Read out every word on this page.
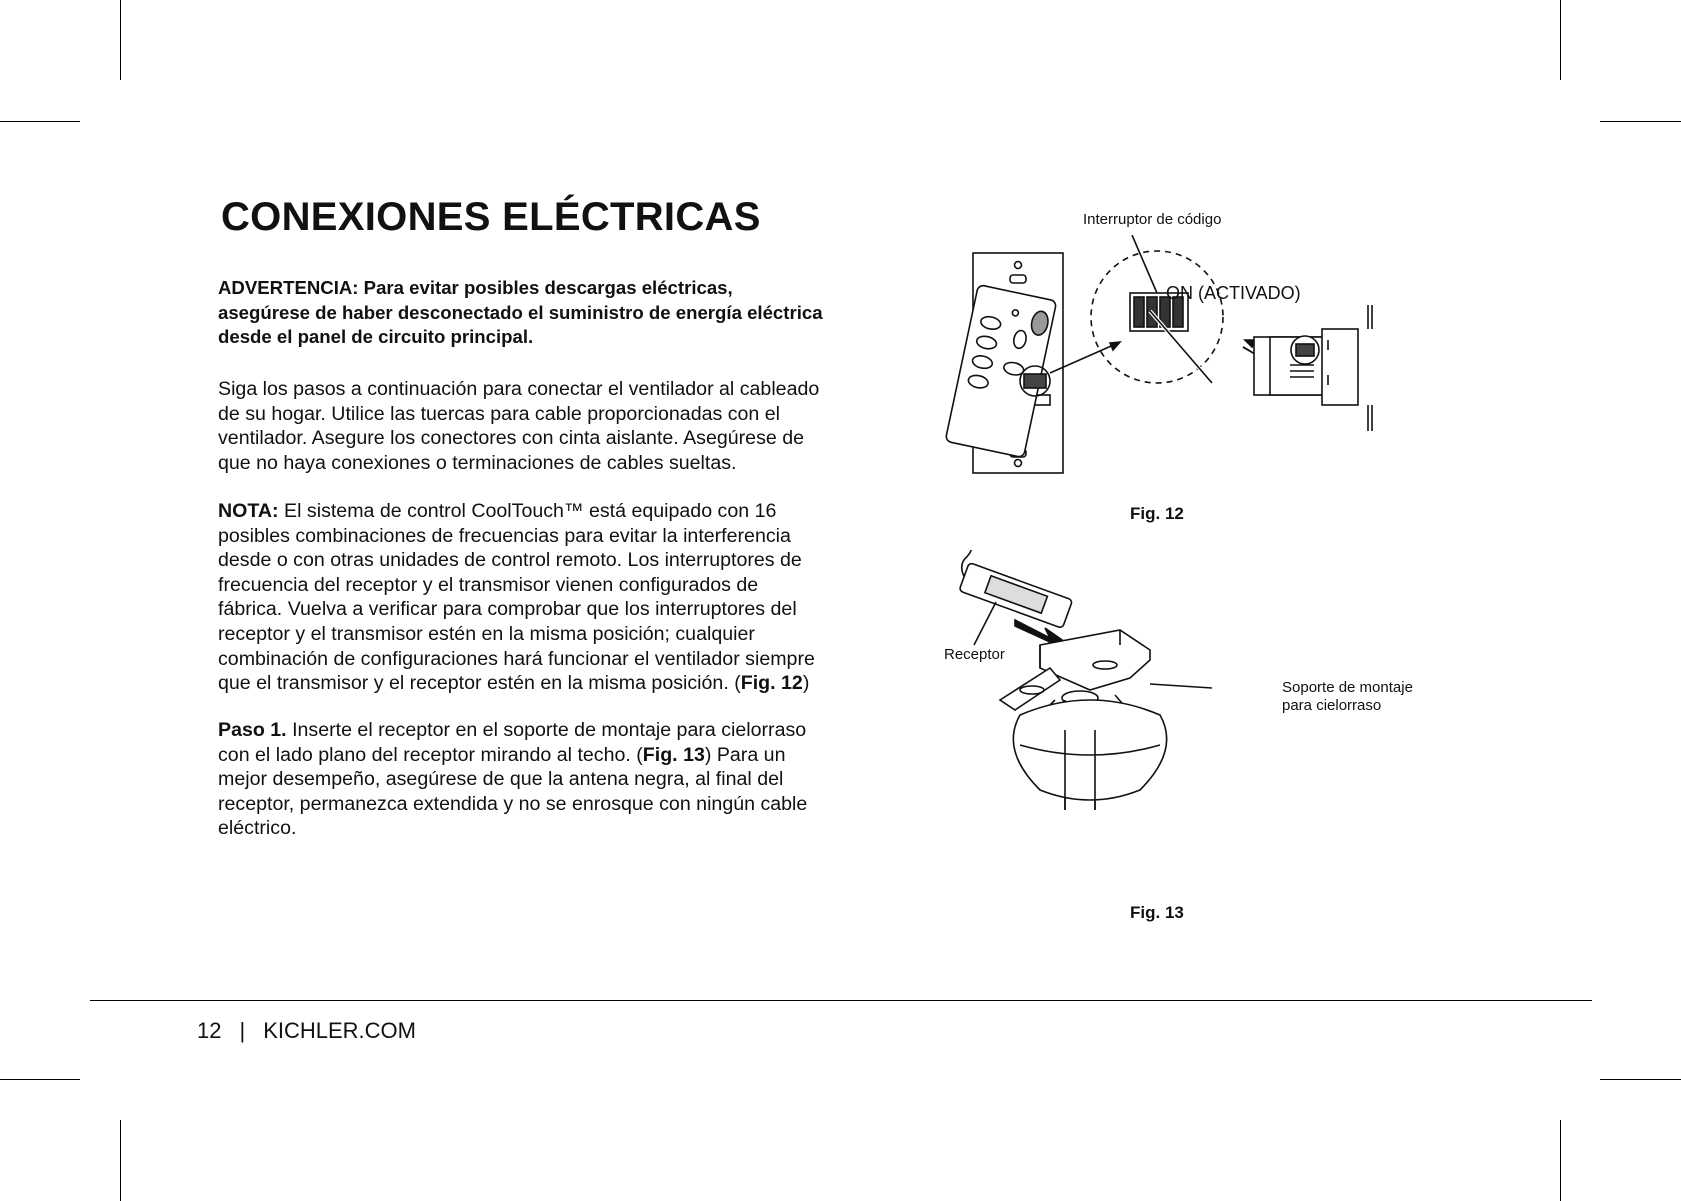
CONEXIONES ELÉCTRICAS
ADVERTENCIA: Para evitar posibles descargas eléctricas,
asegúrese de haber desconectado el suministro de energía eléctrica
desde el panel de circuito principal.
Siga los pasos a continuación para conectar el ventilador al cableado
de su hogar. Utilice las tuercas para cable proporcionadas con el
ventilador. Asegure los conectores con cinta aislante. Asegúrese de
que no haya conexiones o terminaciones de cables sueltas.
NOTA: El sistema de control CoolTouch™ está equipado con 16
posibles combinaciones de frecuencias para evitar la interferencia
desde o con otras unidades de control remoto. Los interruptores de
frecuencia del receptor y el transmisor vienen configurados de
fábrica. Vuelva a verificar para comprobar que los interruptores del
receptor y el transmisor estén en la misma posición; cualquier
combinación de configuraciones hará funcionar el ventilador siempre
que el transmisor y el receptor estén en la misma posición. (Fig. 12)
Paso 1. Inserte el receptor en el soporte de montaje para cielorraso
con el lado plano del receptor mirando al techo. (Fig. 13) Para un
mejor desempeño, asegúrese de que la antena negra, al final del
receptor, permanezca extendida y no se enrosque con ningún cable
eléctrico.
Interruptor de código
ON (ACTIVADO)
Fig. 12
Receptor
Soporte de montaje
para cielorraso
Fig. 13
12 | KICHLER.COM
